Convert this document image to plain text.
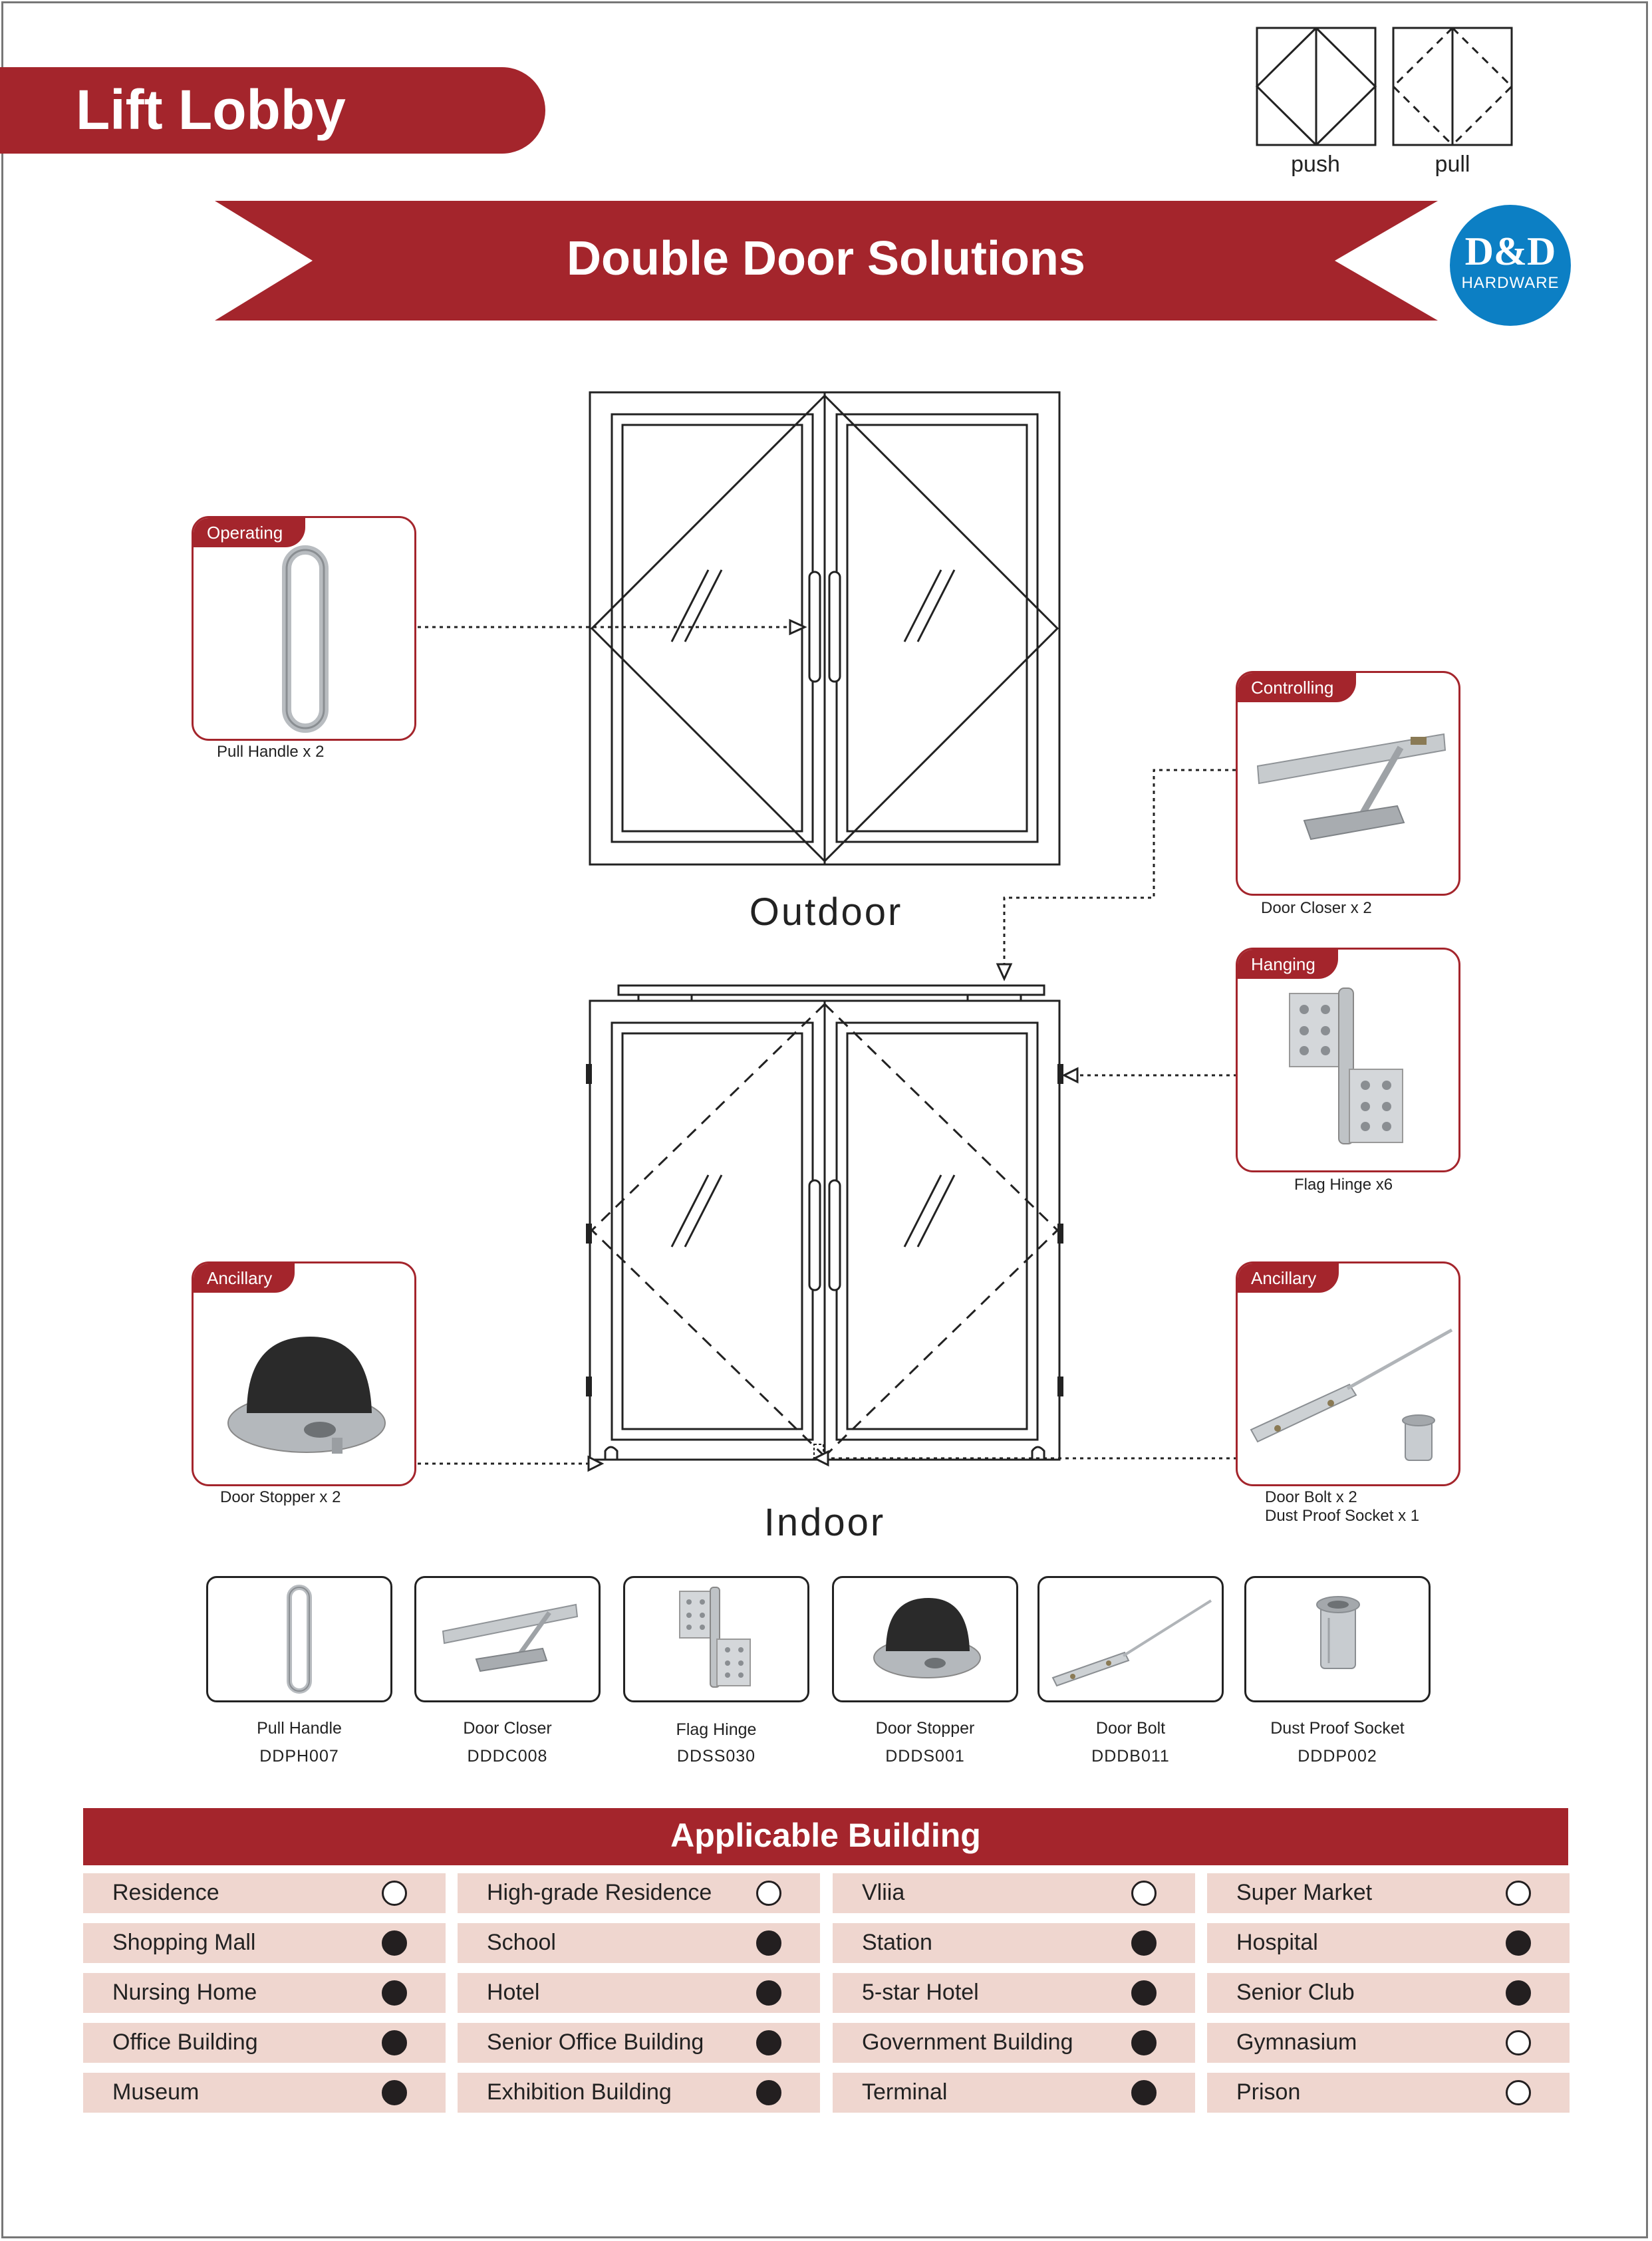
Lift Lobby
push	pull
Double Door Solutions	D&D
HARDWARE
Outdoor
Indoor
Operating
Pull Handle x 2
Controlling
Door Closer x 2
Hanging
Flag Hinge x6
Ancillary
Door Stopper x 2
Ancillary
Door Bolt x 2
Dust Proof Socket x 1
Pull Handle
DDPH007
Door Closer
DDDC008
Flag Hinge
DDSS030
Door Stopper
DDDS001
Door Bolt
DDDB011
Dust Proof Socket
DDDP002
Applicable Building
Residence
Shopping Mall
Nursing Home
Office Building
Museum
High-grade Residence
School
Hotel
Senior Office Building
Exhibition Building
Vliia
Station
5-star Hotel
Government Building
Terminal
Super Market
Hospital
Senior Club
Gymnasium
Prison
